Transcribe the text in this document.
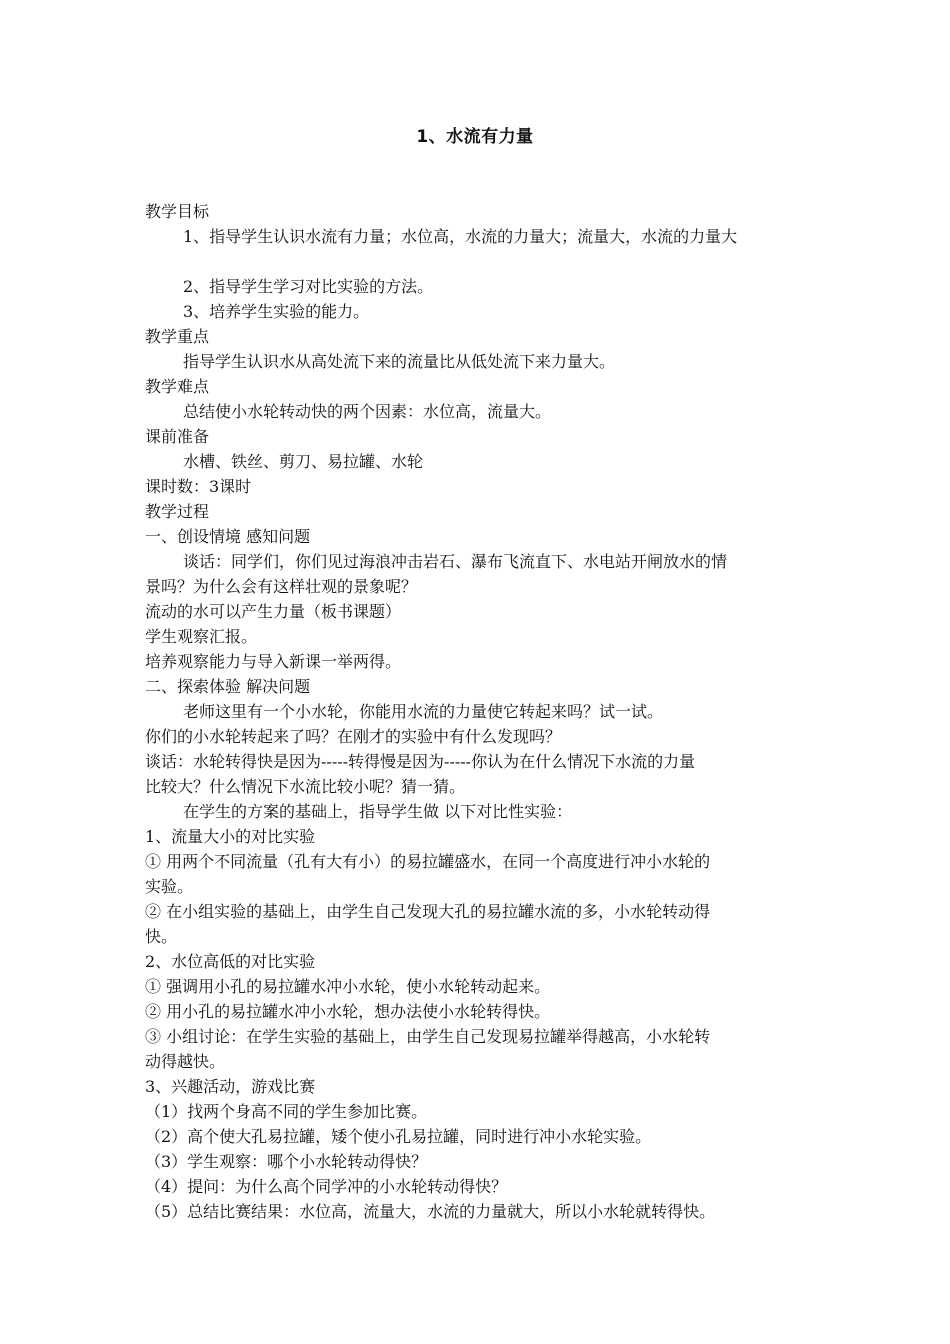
1、水流有力量

教学目标

1、指导学生认识水流有力量；水位高，水流的力量大；流量大，水流的力量大

2、指导学生学习对比实验的方法。

3、培养学生实验的能力。

教学重点

指导学生认识水从高处流下来的流量比从低处流下来力量大。

教学难点

总结使小水轮转动快的两个因素：水位高，流量大。

课前准备

水槽、铁丝、剪刀、易拉罐、水轮

课时数：3课时

教学过程

一、创设情境 感知问题

谈话：同学们，你们见过海浪冲击岩石、瀑布飞流直下、水电站开闸放水的情

景吗？为什么会有这样壮观的景象呢？

流动的水可以产生力量（板书课题）

学生观察汇报。

培养观察能力与导入新课一举两得。

二、探索体验 解决问题

老师这里有一个小水轮，你能用水流的力量使它转起来吗？试一试。

你们的小水轮转起来了吗？在刚才的实验中有什么发现吗？

谈话：水轮转得快是因为-----转得慢是因为-----你认为在什么情况下水流的力量

比较大？什么情况下水流比较小呢？猜一猜。

在学生的方案的基础上，指导学生做 以下对比性实验：

1、流量大小的对比实验

① 用两个不同流量（孔有大有小）的易拉罐盛水，在同一个高度进行冲小水轮的

实验。

② 在小组实验的基础上，由学生自己发现大孔的易拉罐水流的多，小水轮转动得

快。

2、水位高低的对比实验

① 强调用小孔的易拉罐水冲小水轮，使小水轮转动起来。

② 用小孔的易拉罐水冲小水轮，想办法使小水轮转得快。

③ 小组讨论：在学生实验的基础上，由学生自己发现易拉罐举得越高，小水轮转

动得越快。

3、兴趣活动，游戏比赛

（1）找两个身高不同的学生参加比赛。

（2）高个使大孔易拉罐，矮个使小孔易拉罐，同时进行冲小水轮实验。

（3）学生观察：哪个小水轮转动得快？

（4）提问：为什么高个同学冲的小水轮转动得快？

（5）总结比赛结果：水位高，流量大，水流的力量就大，所以小水轮就转得快。
